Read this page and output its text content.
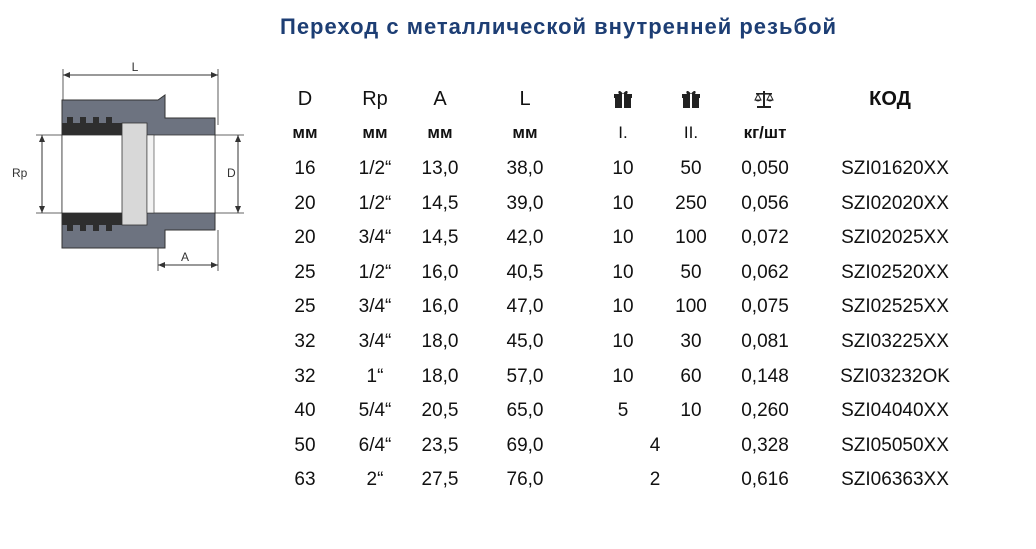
Переход с металлической внутренней резьбой
L
Rp	D
A
D	Rp	A	L	КОД
мм	мм	мм	мм	I.	II.	кг/шт
16	1/2“	13,0	38,0	10	50	0,050	SZI01620XX
20	1/2“	14,5	39,0	10	250	0,056	SZI02020XX
20	3/4“	14,5	42,0	10	100	0,072	SZI02025XX
25	1/2“	16,0	40,5	10	50	0,062	SZI02520XX
25	3/4“	16,0	47,0	10	100	0,075	SZI02525XX
32	3/4“	18,0	45,0	10	30	0,081	SZI03225XX
32	1“	18,0	57,0	10	60	0,148	SZI03232OK
40	5/4“	20,5	65,0	5	10	0,260	SZI04040XX
50	6/4“	23,5	69,0	4	0,328	SZI05050XX
63	2“	27,5	76,0	2	0,616	SZI06363XX
